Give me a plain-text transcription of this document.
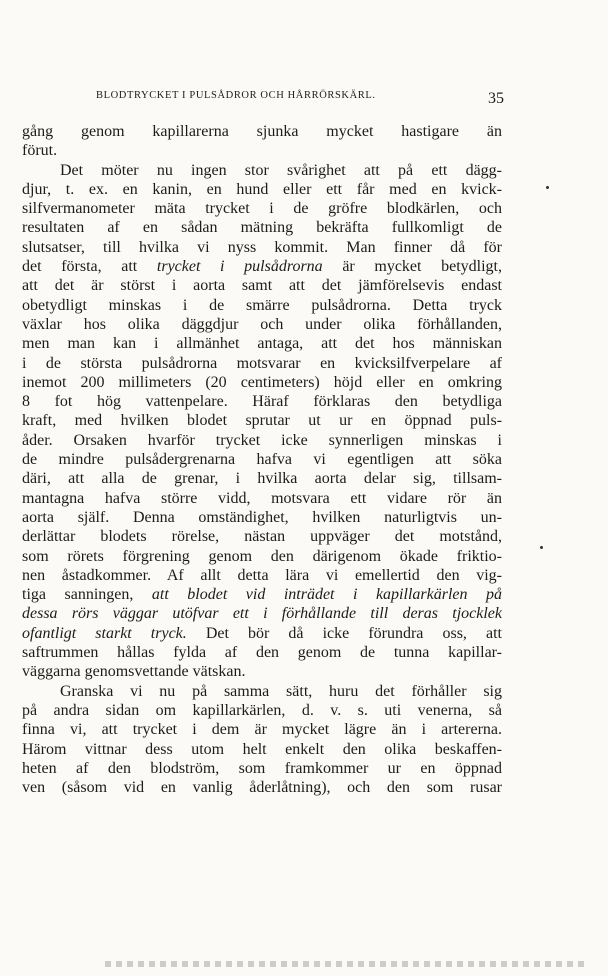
BLODTRYCKET I PULSÅDROR OCH HÅRRÖRSKÄRL.	35
gång genom kapillarerna sjunka mycket hastigare än
förut.
Det möter nu ingen stor svårighet att på ett dägg-
djur, t. ex. en kanin, en hund eller ett får med en kvick-
silfvermanometer mäta trycket i de gröfre blodkärlen, och
resultaten af en sådan mätning bekräfta fullkomligt de
slutsatser, till hvilka vi nyss kommit. Man finner då för
det första, att trycket i pulsådrorna är mycket betydligt,
att det är störst i aorta samt att det jämförelsevis endast
obetydligt minskas i de smärre pulsådrorna. Detta tryck
växlar hos olika däggdjur och under olika förhållanden,
men man kan i allmänhet antaga, att det hos människan
i de största pulsådrorna motsvarar en kvicksilfverpelare af
inemot 200 millimeters (20 centimeters) höjd eller en omkring
8 fot hög vattenpelare. Häraf förklaras den betydliga
kraft, med hvilken blodet sprutar ut ur en öppnad puls-
åder. Orsaken hvarför trycket icke synnerligen minskas i
de mindre pulsådergrenarna hafva vi egentligen att söka
däri, att alla de grenar, i hvilka aorta delar sig, tillsam-
mantagna hafva större vidd, motsvara ett vidare rör än
aorta själf. Denna omständighet, hvilken naturligtvis un-
derlättar blodets rörelse, nästan uppväger det motstånd,
som rörets förgrening genom den därigenom ökade friktio-
nen åstadkommer. Af allt detta lära vi emellertid den vig-
tiga sanningen, att blodet vid inträdet i kapillarkärlen på
dessa rörs väggar utöfvar ett i förhållande till deras tjocklek
ofantligt starkt tryck. Det bör då icke förundra oss, att
saftrummen hållas fylda af den genom de tunna kapillar-
väggarna genomsvettande vätskan.
Granska vi nu på samma sätt, huru det förhåller sig
på andra sidan om kapillarkärlen, d. v. s. uti venerna, så
finna vi, att trycket i dem är mycket lägre än i artererna.
Härom vittnar dess utom helt enkelt den olika beskaffen-
heten af den blodström, som framkommer ur en öppnad
ven (såsom vid en vanlig åderlåtning), och den som rusar
